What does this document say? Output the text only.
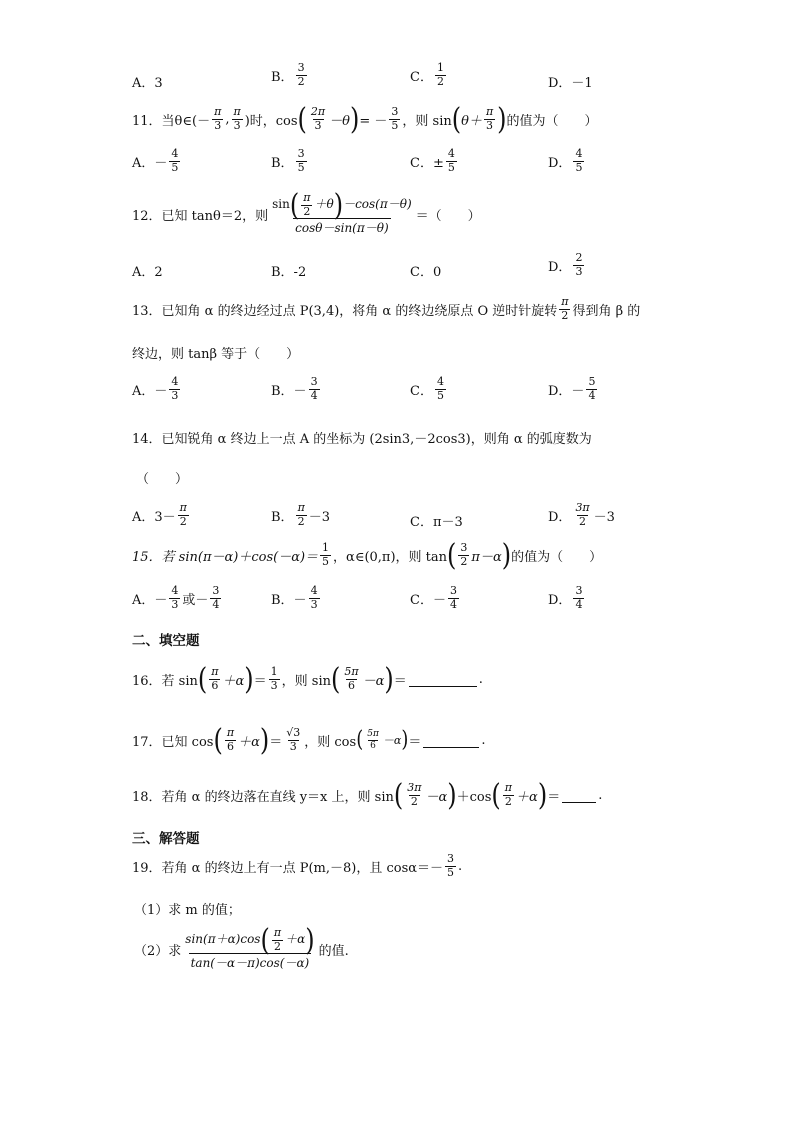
A．3	B． $\frac{3}{2}$	C． $\frac{1}{2}$	D．－1
11．当θ∈(－ $\frac{\pi}{3}$ , $\frac{\pi}{3}$ )时，cos ( $\frac{2\pi}{3} -\theta$ ) = － $\frac{3}{5}$ ，则 sin ( $\theta+ \frac{\pi}{3}$ ) 的值为（　　）
A．－ $\frac{4}{5}$	B． $\frac{3}{5}$	C．± $\frac{4}{5}$	D． $\frac{4}{5}$
12．已知 tanθ＝2，则 $\frac{\sin ( \frac{\pi}{2} +\theta ) -\cos(\pi-\theta)}{\cos\theta-\sin(\pi-\theta)}$ ＝（　　）
A．2	B．-2	C．0	D． $\frac{2}{3}$
13．已知角 α 的终边经过点 P(3,4)，将角 α 的终边绕原点 O 逆时针旋转 $\frac{\pi}{2}$ 得到角 β 的
终边，则 tanβ 等于（　　）
A．－ $\frac{4}{3}$	B．－ $\frac{3}{4}$	C． $\frac{4}{5}$	D．－ $\frac{5}{4}$
14．已知锐角 α 终边上一点 A 的坐标为 (2sin3,－2cos3)，则角 α 的弧度数为
（　　）
A．$3- \frac{\pi}{2}$	B． $\frac{\pi}{2} -3$	C．π－3	D． $\frac{3\pi}{2} -3$
15．若 $\sin(\pi-\alpha)+\cos(-\alpha)= \frac{1}{5}$ ，α∈(0,π)，则 tan ( $\frac{3}{2} \pi-\alpha$ ) 的值为（　　）
A．－ $\frac{4}{3}$ 或－ $\frac{3}{4}$	B．－ $\frac{4}{3}$	C．－ $\frac{3}{4}$	D． $\frac{3}{4}$
二、填空题
16．若 sin ( $\frac{\pi}{6} +\alpha$ ) ＝ $\frac{1}{3}$ ，则 sin ( $\frac{5\pi}{6} -\alpha$ ) ＝	.
17．已知 cos ( $\frac{\pi}{6} +\alpha$ ) ＝ $\frac{√3}{3}$ ，则 cos ( $\frac{5\pi}{6} -\alpha$ ) ＝	.
18．若角 α 的终边落在直线 y＝x 上，则 sin ( $\frac{3\pi}{2} -\alpha$ ) ＋cos ( $\frac{\pi}{2} +\alpha$ ) ＝	.
三、解答题
19．若角 α 的终边上有一点 P(m,－8)，且 $\cos\alpha=- \frac{3}{5}$ .
（1）求 m 的值；
（2）求 $\frac{\sin(\pi+\alpha)\cos ( \frac{\pi}{2} +\alpha )}{\tan(-\alpha-\pi)\cos(-\alpha)}$ 的值.
